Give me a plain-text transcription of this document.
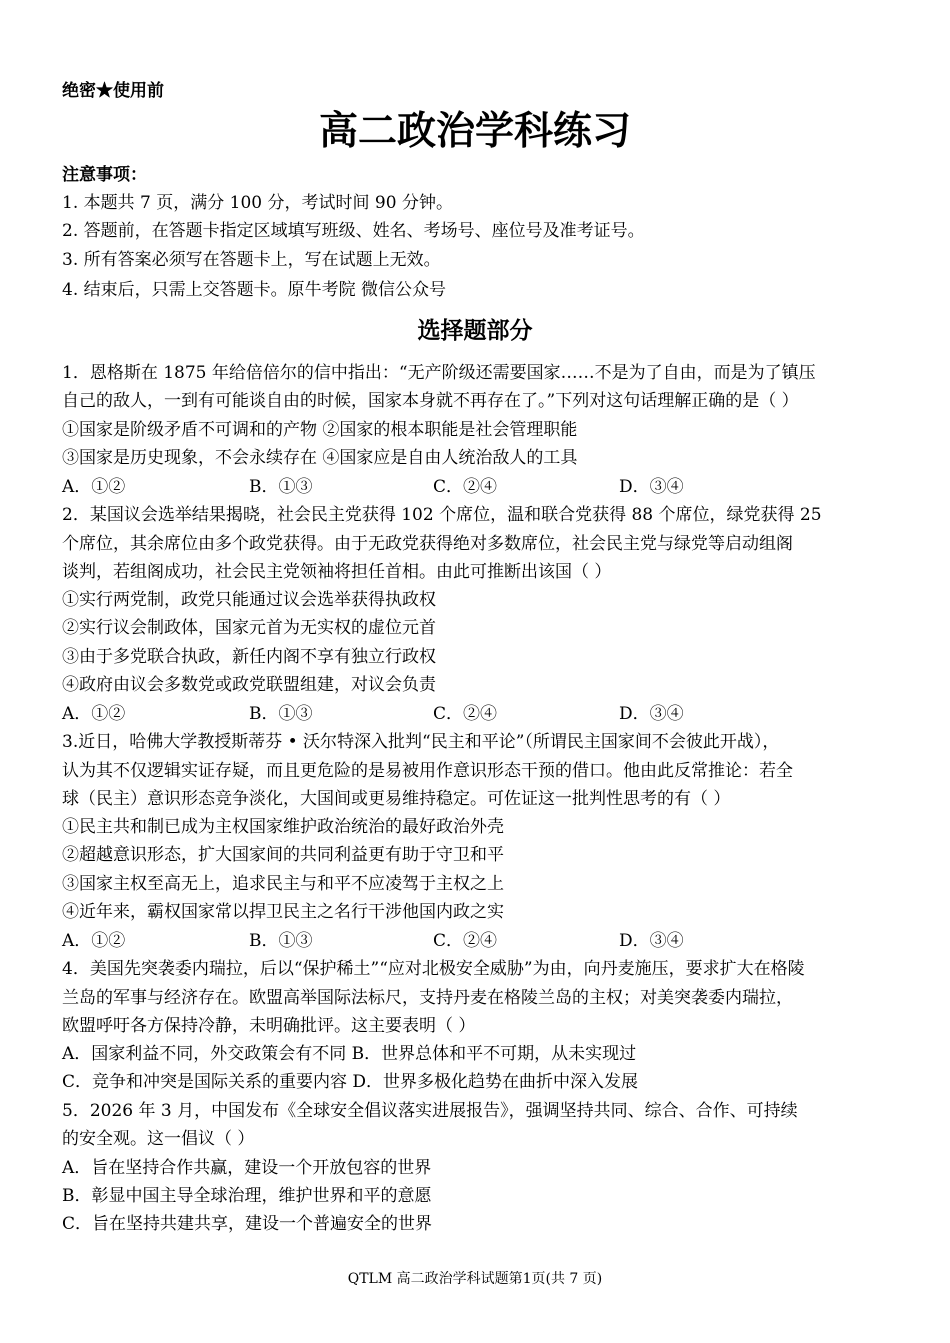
绝密★使用前
高二政治学科练习
注意事项：
1. 本题共 7 页，满分 100 分，考试时间 90 分钟。
2. 答题前，在答题卡指定区域填写班级、姓名、考场号、座位号及准考证号。
3. 所有答案必须写在答题卡上，写在试题上无效。
4. 结束后，只需上交答题卡。原牛考院 微信公众号
选择题部分
1．恩格斯在 1875 年给倍倍尔的信中指出：“无产阶级还需要国家……不是为了自由，而是为了镇压
自己的敌人，一到有可能谈自由的时候，国家本身就不再存在了。”下列对这句话理解正确的是（ ）
①国家是阶级矛盾不可调和的产物 ②国家的根本职能是社会管理职能
③国家是历史现象，不会永续存在 ④国家应是自由人统治敌人的工具
A．①②	B．①③	C．②④	D．③④
2．某国议会选举结果揭晓，社会民主党获得 102 个席位，温和联合党获得 88 个席位，绿党获得 25
个席位，其余席位由多个政党获得。由于无政党获得绝对多数席位，社会民主党与绿党等启动组阁
谈判，若组阁成功，社会民主党领袖将担任首相。由此可推断出该国（ ）
①实行两党制，政党只能通过议会选举获得执政权
②实行议会制政体，国家元首为无实权的虚位元首
③由于多党联合执政，新任内阁不享有独立行政权
④政府由议会多数党或政党联盟组建，对议会负责
A．①②	B．①③	C．②④	D．③④
3.近日，哈佛大学教授斯蒂芬 • 沃尔特深入批判“民主和平论”（所谓民主国家间不会彼此开战），
认为其不仅逻辑实证存疑，而且更危险的是易被用作意识形态干预的借口。他由此反常推论：若全
球（民主）意识形态竞争淡化，大国间或更易维持稳定。可佐证这一批判性思考的有（ ）
①民主共和制已成为主权国家维护政治统治的最好政治外壳
②超越意识形态，扩大国家间的共同利益更有助于守卫和平
③国家主权至高无上，追求民主与和平不应凌驾于主权之上
④近年来，霸权国家常以捍卫民主之名行干涉他国内政之实
A．①②	B．①③	C．②④	D．③④
4．美国先突袭委内瑞拉，后以“保护稀土”“应对北极安全威胁”为由，向丹麦施压，要求扩大在格陵
兰岛的军事与经济存在。欧盟高举国际法标尺，支持丹麦在格陵兰岛的主权；对美突袭委内瑞拉，
欧盟呼吁各方保持冷静，未明确批评。这主要表明（ ）
A．国家利益不同，外交政策会有不同 B．世界总体和平不可期，从未实现过
C．竞争和冲突是国际关系的重要内容 D．世界多极化趋势在曲折中深入发展
5．2026 年 3 月，中国发布《全球安全倡议落实进展报告》，强调坚持共同、综合、合作、可持续
的安全观。这一倡议（ ）
A．旨在坚持合作共赢，建设一个开放包容的世界
B．彰显中国主导全球治理，维护世界和平的意愿
C．旨在坚持共建共享，建设一个普遍安全的世界
QTLM 高二政治学科试题第1页(共 7 页)
